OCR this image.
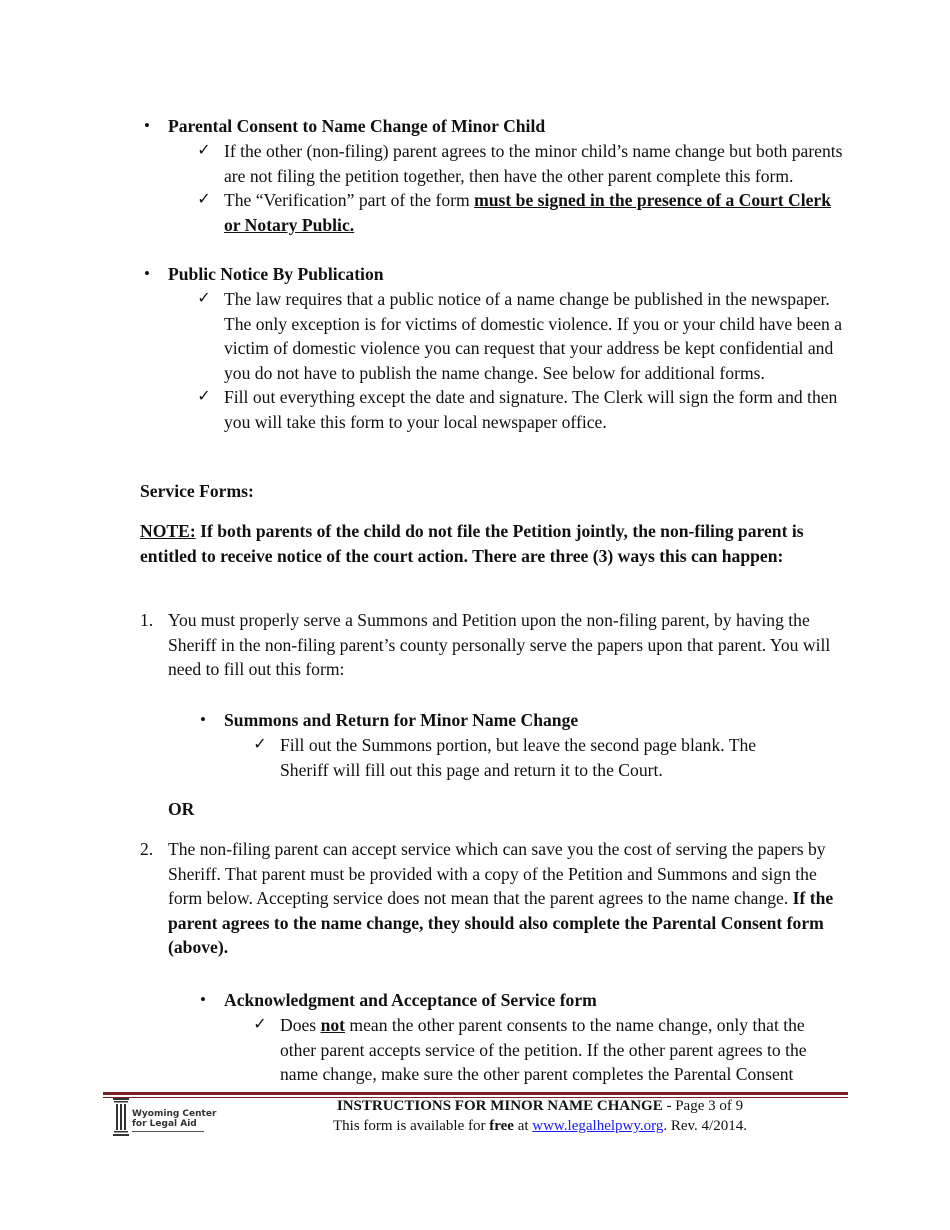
• Parental Consent to Name Change of Minor Child
✓ If the other (non-filing) parent agrees to the minor child’s name change but both parents are not filing the petition together, then have the other parent complete this form.
✓ The “Verification” part of the form must be signed in the presence of a Court Clerk or Notary Public.
• Public Notice By Publication
✓ The law requires that a public notice of a name change be published in the newspaper. The only exception is for victims of domestic violence. If you or your child have been a victim of domestic violence you can request that your address be kept confidential and you do not have to publish the name change. See below for additional forms.
✓ Fill out everything except the date and signature. The Clerk will sign the form and then you will take this form to your local newspaper office.
Service Forms:
NOTE: If both parents of the child do not file the Petition jointly, the non-filing parent is entitled to receive notice of the court action. There are three (3) ways this can happen:
1. You must properly serve a Summons and Petition upon the non-filing parent, by having the Sheriff in the non-filing parent’s county personally serve the papers upon that parent. You will need to fill out this form:
• Summons and Return for Minor Name Change
✓ Fill out the Summons portion, but leave the second page blank. The Sheriff will fill out this page and return it to the Court.
OR
2. The non-filing parent can accept service which can save you the cost of serving the papers by Sheriff. That parent must be provided with a copy of the Petition and Summons and sign the form below. Accepting service does not mean that the parent agrees to the name change. If the parent agrees to the name change, they should also complete the Parental Consent form (above).
• Acknowledgment and Acceptance of Service form
✓ Does not mean the other parent consents to the name change, only that the other parent accepts service of the petition. If the other parent agrees to the name change, make sure the other parent completes the Parental Consent
Wyoming Center
for Legal Aid
INSTRUCTIONS FOR MINOR NAME CHANGE - Page 3 of 9
This form is available for free at www.legalhelpwy.org. Rev. 4/2014.
